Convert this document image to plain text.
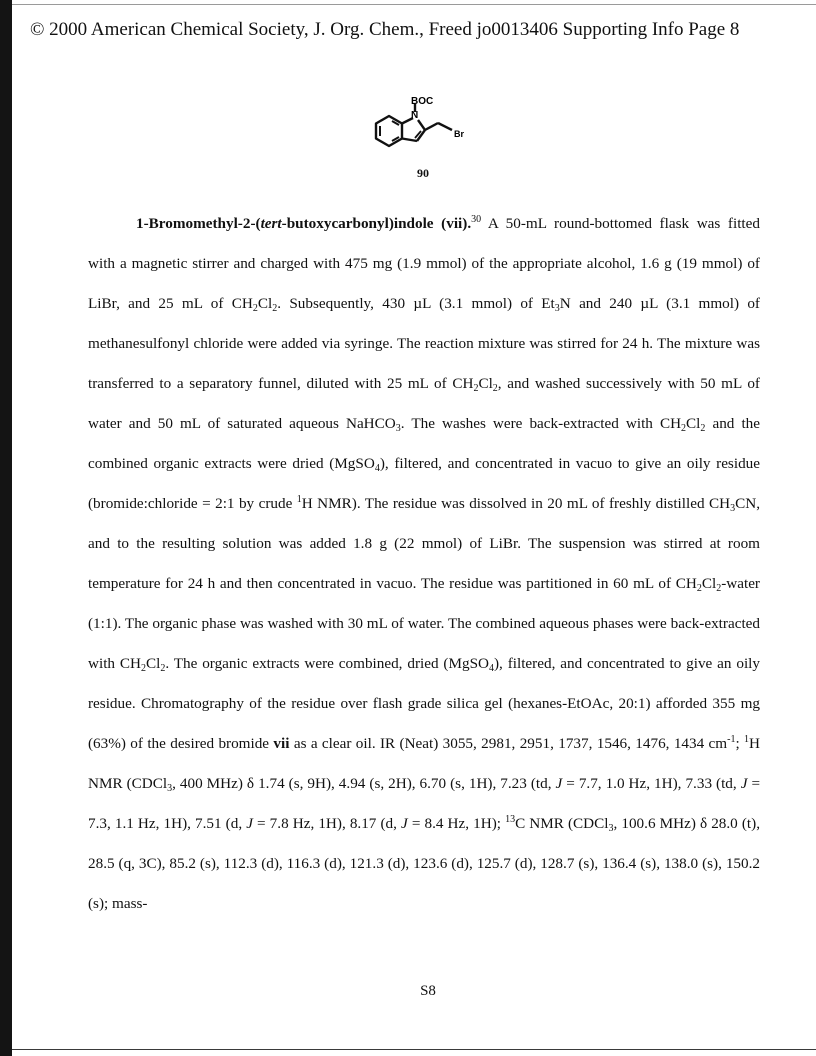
© 2000 American Chemical Society, J. Org. Chem., Freed jo0013406 Supporting Info Page 8
BOC
N
Br
90

1-Bromomethyl-2-(tert-butoxycarbonyl)indole (vii).$^{30}$ A 50-mL round-bottomed flask was fitted with a magnetic stirrer and charged with 475 mg (1.9 mmol) of the appropriate alcohol, 1.6 g (19 mmol) of LiBr, and 25 mL of $CH_2Cl_2$. Subsequently, 430 µL (3.1 mmol) of $Et_3N$ and 240 µL (3.1 mmol) of methanesulfonyl chloride were added via syringe. The reaction mixture was stirred for 24 h. The mixture was transferred to a separatory funnel, diluted with 25 mL of $CH_2Cl_2$, and washed successively with 50 mL of water and 50 mL of saturated aqueous NaHCO$_3$. The washes were back-extracted with $CH_2Cl_2$ and the combined organic extracts were dried (MgSO$_4$), filtered, and concentrated in vacuo to give an oily residue (bromide:chloride = 2:1 by crude $^1$H NMR). The residue was dissolved in 20 mL of freshly distilled $CH_3CN$, and to the resulting solution was added 1.8 g (22 mmol) of LiBr. The suspension was stirred at room temperature for 24 h and then concentrated in vacuo. The residue was partitioned in 60 mL of $CH_2Cl_2$-water (1:1). The organic phase was washed with 30 mL of water. The combined aqueous phases were back-extracted with $CH_2Cl_2$. The organic extracts were combined, dried (MgSO$_4$), filtered, and concentrated to give an oily residue. Chromatography of the residue over flash grade silica gel (hexanes-EtOAc, 20:1) afforded 355 mg (63%) of the desired bromide vii as a clear oil. IR (Neat) 3055, 2981, 2951, 1737, 1546, 1476, 1434 $cm^{-1}$; $^1$H NMR (CDCl$_3$, 400 MHz) δ 1.74 (s, 9H), 4.94 (s, 2H), 6.70 (s, 1H), 7.23 (td, J = 7.7, 1.0 Hz, 1H), 7.33 (td, J = 7.3, 1.1 Hz, 1H), 7.51 (d, J = 7.8 Hz, 1H), 8.17 (d, J = 8.4 Hz, 1H); $^{13}$C NMR (CDCl$_3$, 100.6 MHz) δ 28.0 (t), 28.5 (q, 3C), 85.2 (s), 112.3 (d), 116.3 (d), 121.3 (d), 123.6 (d), 125.7 (d), 128.7 (s), 136.4 (s), 138.0 (s), 150.2 (s); mass-

S8
